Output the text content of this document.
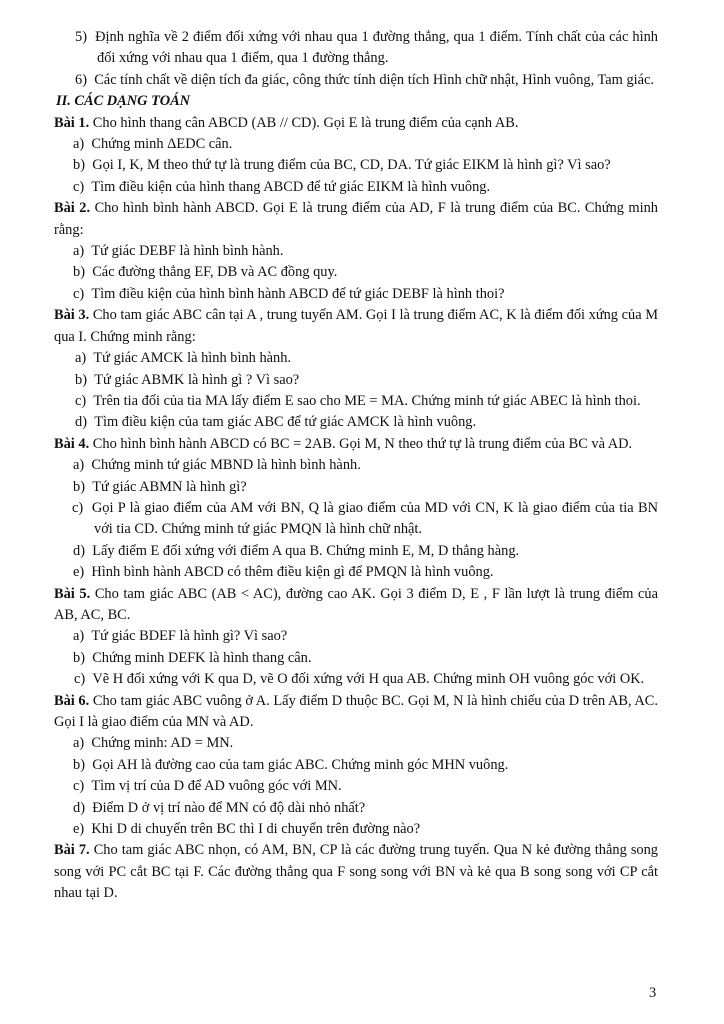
5) Định nghĩa về 2 điểm đối xứng với nhau qua 1 đường thẳng, qua 1 điểm. Tính chất của các hình đối xứng với nhau qua 1 điểm, qua 1 đường thẳng.

6) Các tính chất về diện tích đa giác, công thức tính diện tích Hình chữ nhật, Hình vuông, Tam giác.

II. CÁC DẠNG TOÁN

Bài 1. Cho hình thang cân ABCD (AB // CD). Gọi E là trung điểm của cạnh AB.

a) Chứng minh ΔEDC cân.

b) Gọi I, K, M theo thứ tự là trung điểm của BC, CD, DA. Tứ giác EIKM là hình gì? Vì sao?

c) Tìm điều kiện của hình thang ABCD để tứ giác EIKM là hình vuông.

Bài 2. Cho hình bình hành ABCD. Gọi E là trung điểm của AD, F là trung điểm của BC. Chứng minh rằng:

a) Tứ giác DEBF là hình bình hành.

b) Các đường thẳng EF, DB và AC đồng quy.

c) Tìm điều kiện của hình bình hành ABCD để tứ giác DEBF là hình thoi?

Bài 3. Cho tam giác ABC cân tại A , trung tuyến AM. Gọi I là trung điểm AC, K là điểm đối xứng của M qua I. Chứng minh rằng:

a) Tứ giác AMCK là hình bình hành.

b) Tứ giác ABMK là hình gì ? Vì sao?

c) Trên tia đối của tia MA lấy điểm E sao cho ME = MA. Chứng minh tứ giác ABEC là hình thoi.

d) Tìm điều kiện của tam giác ABC để tứ giác AMCK là hình vuông.

Bài 4. Cho hình bình hành ABCD có BC = 2AB. Gọi M, N theo thứ tự là trung điểm của BC và AD.

a) Chứng minh tứ giác MBND là hình bình hành.

b) Tứ giác ABMN là hình gì?

c) Gọi P là giao điểm của AM với BN, Q là giao điểm của MD với CN, K là giao điểm của tia BN với tia CD. Chứng minh tứ giác PMQN là hình chữ nhật.

d) Lấy điểm E đối xứng với điểm A qua B. Chứng minh E, M, D thẳng hàng.

e) Hình bình hành ABCD có thêm điều kiện gì để PMQN là hình vuông.

Bài 5. Cho tam giác ABC (AB < AC), đường cao AK. Gọi 3 điểm D, E , F lần lượt là trung điểm của AB, AC, BC.

a) Tứ giác BDEF là hình gì? Vì sao?

b) Chứng minh DEFK là hình thang cân.

c) Vẽ H đối xứng với K qua D, vẽ O đối xứng với H qua AB. Chứng minh OH vuông góc với OK.

Bài 6. Cho tam giác ABC vuông ở A. Lấy điểm D thuộc BC. Gọi M, N là hình chiếu của D trên AB, AC. Gọi I là giao điểm của MN và AD.

a) Chứng minh: AD = MN.

b) Gọi AH là đường cao của tam giác ABC. Chứng minh góc MHN vuông.

c) Tìm vị trí của D để AD vuông góc với MN.

d) Điểm D ở vị trí nào để MN có độ dài nhỏ nhất?

e) Khi D di chuyển trên BC thì I di chuyển trên đường nào?

Bài 7. Cho tam giác ABC nhọn, có AM, BN, CP là các đường trung tuyến. Qua N kẻ đường thẳng song song với PC cắt BC tại F. Các đường thẳng qua F song song với BN và kẻ qua B song song với CP cắt nhau tại D.

3
